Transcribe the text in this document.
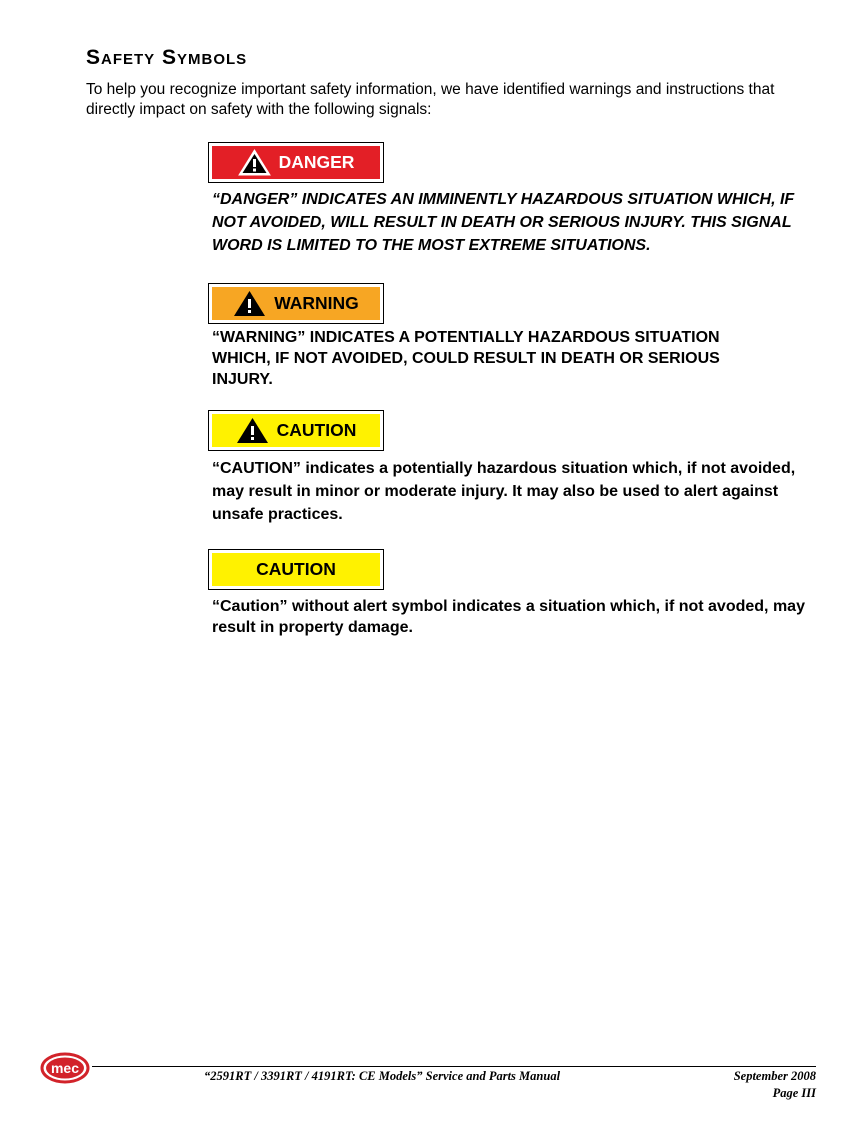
Safety Symbols

To help you recognize important safety information, we have identified warnings and instructions that directly impact on safety with the following signals:

DANGER

“DANGER” INDICATES AN IMMINENTLY HAZARDOUS SITUATION WHICH, IF NOT AVOIDED, WILL RESULT IN DEATH OR SERIOUS INJURY. THIS SIGNAL WORD IS LIMITED TO THE MOST EXTREME SITUATIONS.

WARNING

“WARNING” INDICATES A POTENTIALLY HAZARDOUS SITUATION WHICH, IF NOT AVOIDED, COULD RESULT IN DEATH OR SERIOUS INJURY.

CAUTION

“CAUTION” indicates a potentially hazardous situation which, if not avoided, may result in minor or moderate injury. It may also be used to alert against unsafe practices.

CAUTION

“Caution” without alert symbol indicates a situation which, if not avoded, may result in property damage.

mec	“2591RT / 3391RT / 4191RT: CE Models” Service and Parts Manual	September 2008
Page III
